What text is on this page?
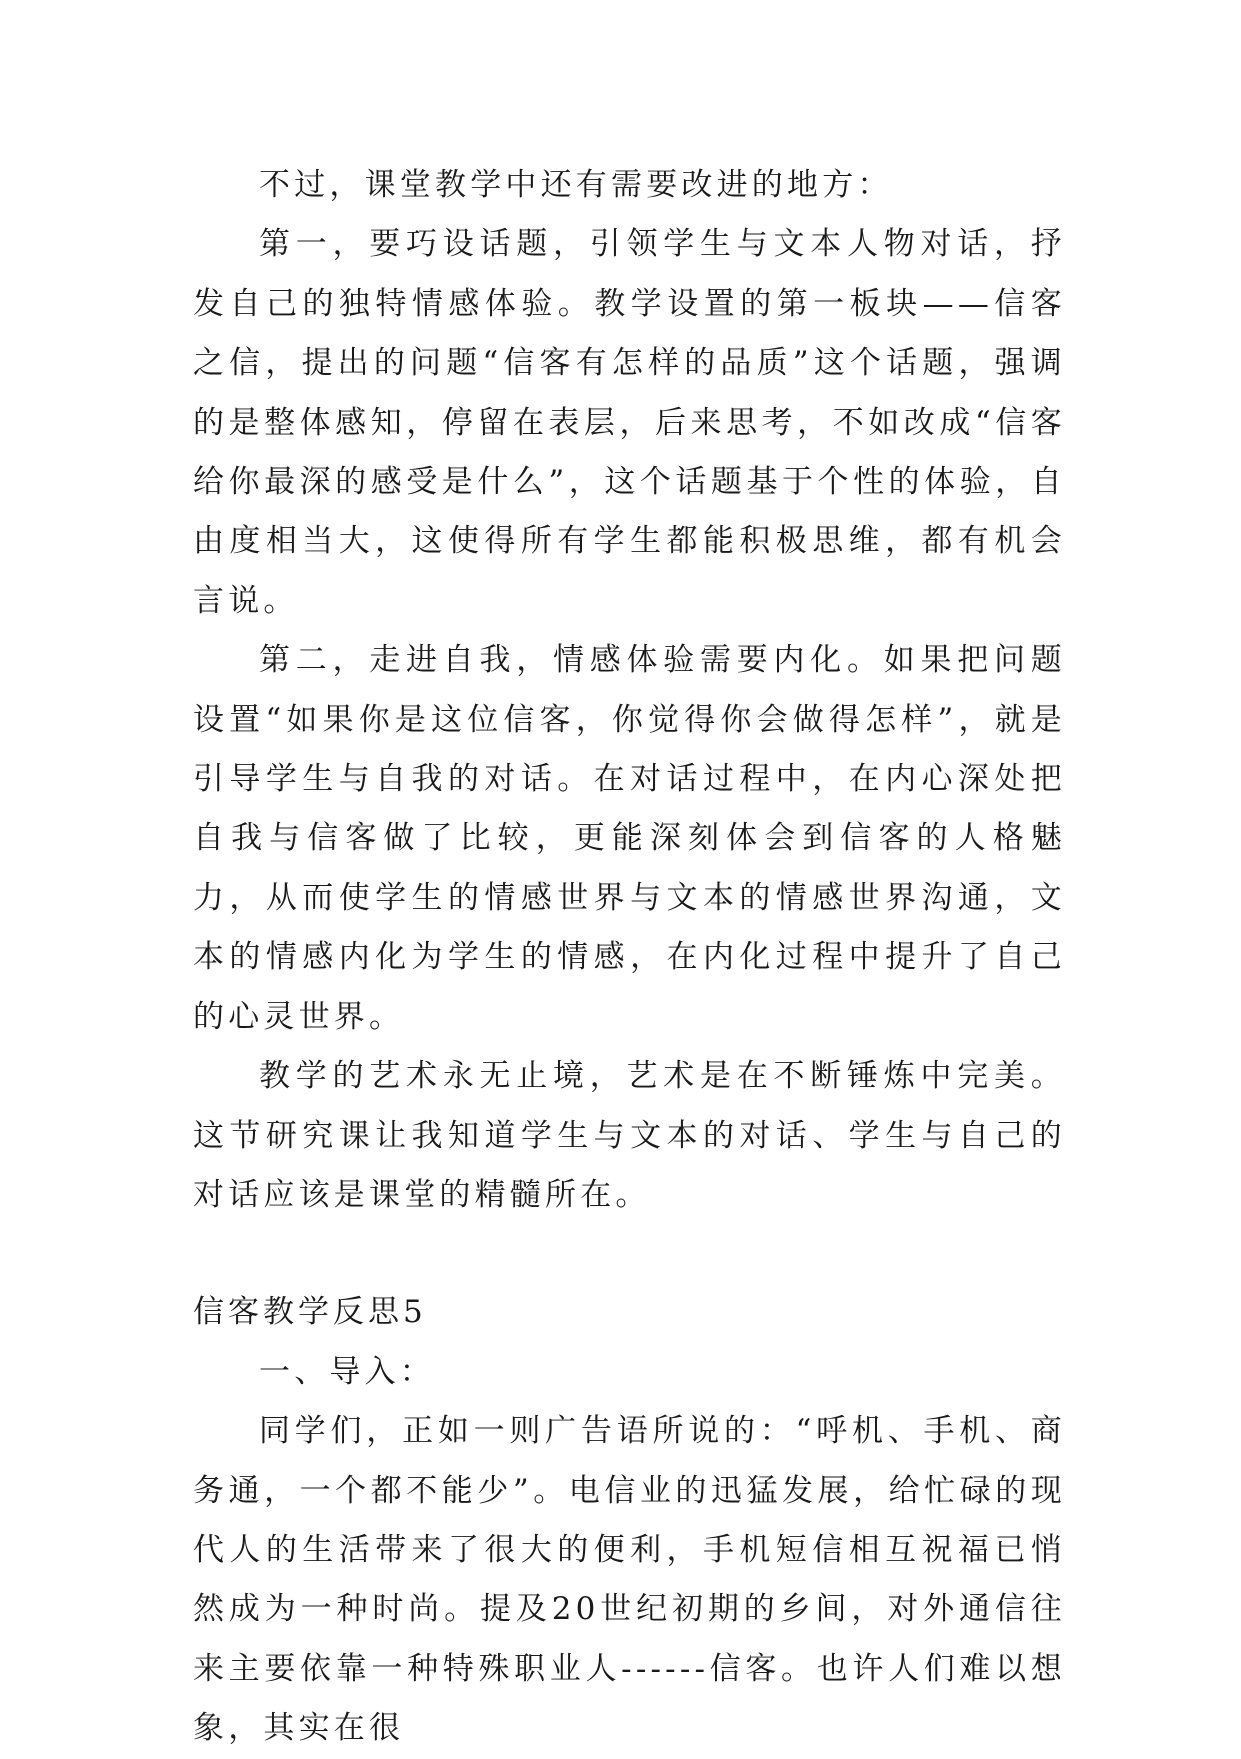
不过，课堂教学中还有需要改进的地方：

第一，要巧设话题，引领学生与文本人物对话，抒发自己的独特情感体验。教学设置的第一板块——信客之信，提出的问题“信客有怎样的品质”这个话题，强调的是整体感知，停留在表层，后来思考，不如改成“信客给你最深的感受是什么”，这个话题基于个性的体验，自由度相当大，这使得所有学生都能积极思维，都有机会言说。

第二，走进自我，情感体验需要内化。如果把问题设置“如果你是这位信客，你觉得你会做得怎样”，就是引导学生与自我的对话。在对话过程中，在内心深处把自我与信客做了比较，更能深刻体会到信客的人格魅力，从而使学生的情感世界与文本的情感世界沟通，文本的情感内化为学生的情感，在内化过程中提升了自己的心灵世界。

教学的艺术永无止境，艺术是在不断锤炼中完美。这节研究课让我知道学生与文本的对话、学生与自己的对话应该是课堂的精髓所在。

信客教学反思5

一、导入：

同学们，正如一则广告语所说的：“呼机、手机、商务通，一个都不能少”。电信业的迅猛发展，给忙碌的现代人的生活带来了很大的便利，手机短信相互祝福已悄然成为一种时尚。提及20世纪初期的乡间，对外通信往来主要依靠一种特殊职业人------信客。也许人们难以想象，其实在很
